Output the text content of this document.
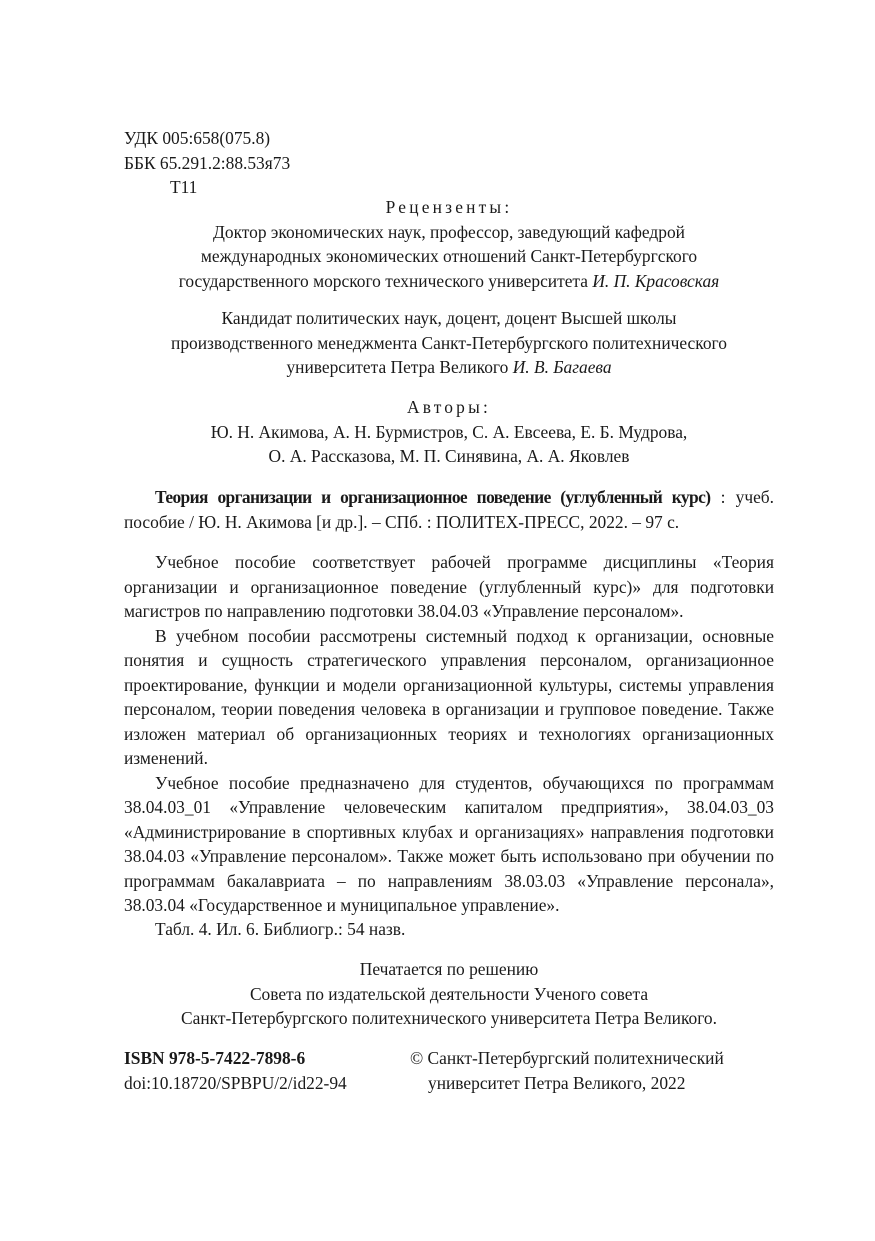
УДК 005:658(075.8)
ББК 65.291.2:88.53я73
Т11
Рецензенты:
Доктор экономических наук, профессор, заведующий кафедрой
международных экономических отношений Санкт-Петербургского
государственного морского технического университета И. П. Красовская
Кандидат политических наук, доцент, доцент Высшей школы
производственного менеджмента Санкт-Петербургского политехнического
университета Петра Великого И. В. Багаева
Авторы:
Ю. Н. Акимова, А. Н. Бурмистров, С. А. Евсеева, Е. Б. Мудрова,
О. А. Рассказова, М. П. Синявина, А. А. Яковлев

Теория организации и организационное поведение (углубленный курс) : учеб. пособие / Ю. Н. Акимова [и др.]. – СПб. : ПОЛИТЕХ-ПРЕСС, 2022. – 97 с.

Учебное пособие соответствует рабочей программе дисциплины «Теория организации и организационное поведение (углубленный курс)» для подготовки магистров по направлению подготовки 38.04.03 «Управление персоналом».

В учебном пособии рассмотрены системный подход к организации, основные понятия и сущность стратегического управления персоналом, организационное проектирование, функции и модели организационной культуры, системы управления персоналом, теории поведения человека в организации и групповое поведение. Также изложен материал об организационных теориях и технологиях организационных изменений.

Учебное пособие предназначено для студентов, обучающихся по программам 38.04.03_01 «Управление человеческим капиталом предприятия», 38.04.03_03 «Администрирование в спортивных клубах и организациях» направления подготовки 38.04.03 «Управление персоналом». Также может быть использовано при обучении по программам бакалавриата – по направлениям 38.03.03 «Управление персонала», 38.03.04 «Государственное и муниципальное управление».

Табл. 4. Ил. 6. Библиогр.: 54 назв.
Печатается по решению
Совета по издательской деятельности Ученого совета
Санкт-Петербургского политехнического университета Петра Великого.
ISBN 978-5-7422-7898-6
doi:10.18720/SPBPU/2/id22-94
© Санкт-Петербургский политехнический
университет Петра Великого, 2022
